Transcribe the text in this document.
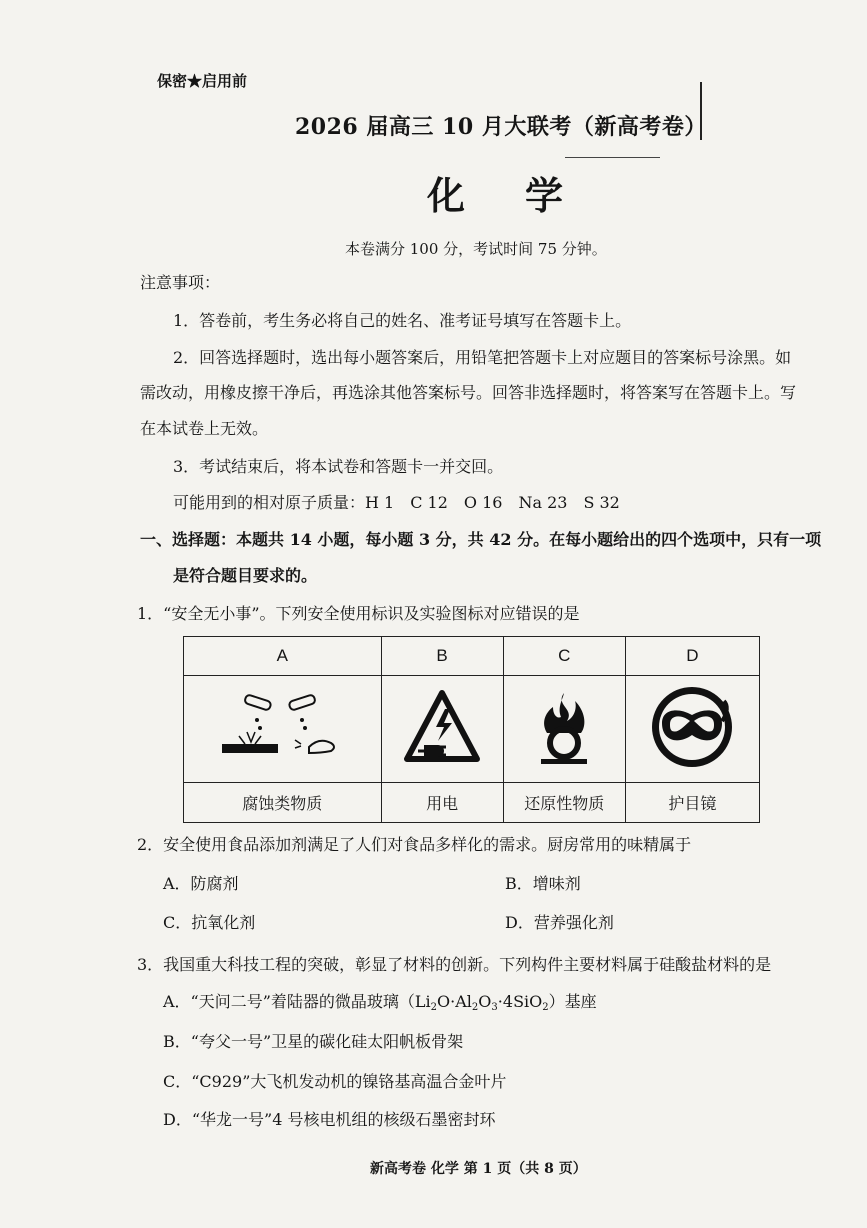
保密★启用前
2026 届高三 10 月大联考（新高考卷）
化学
本卷满分 100 分，考试时间 75 分钟。
注意事项：
1．答卷前，考生务必将自己的姓名、准考证号填写在答题卡上。
2．回答选择题时，选出每小题答案后，用铅笔把答题卡上对应题目的答案标号涂黑。如
需改动，用橡皮擦干净后，再选涂其他答案标号。回答非选择题时，将答案写在答题卡上。写
在本试卷上无效。
3．考试结束后，将本试卷和答题卡一并交回。
可能用到的相对原子质量：H 1　C 12　O 16　Na 23　S 32
一、选择题：本题共 14 小题，每小题 3 分，共 42 分。在每小题给出的四个选项中，只有一项
是符合题目要求的。
1．“安全无小事”。下列安全使用标识及实验图标对应错误的是
A	B	C	D

腐蚀类物质	用电	还原性物质	护目镜
2．安全使用食品添加剂满足了人们对食品多样化的需求。厨房常用的味精属于
A．防腐剂	B．增味剂
C．抗氧化剂	D．营养强化剂
3．我国重大科技工程的突破，彰显了材料的创新。下列构件主要材料属于硅酸盐材料的是
A．“天问二号”着陆器的微晶玻璃$(Li_2O\cdot Al_2O_3\cdot 4SiO_2)$基座
B．“夸父一号”卫星的碳化硅太阳帆板骨架
C．“C929”大飞机发动机的镍铬基高温合金叶片
D．“华龙一号”4 号核电机组的核级石墨密封环
新高考卷 化学 第 1 页（共 8 页）
